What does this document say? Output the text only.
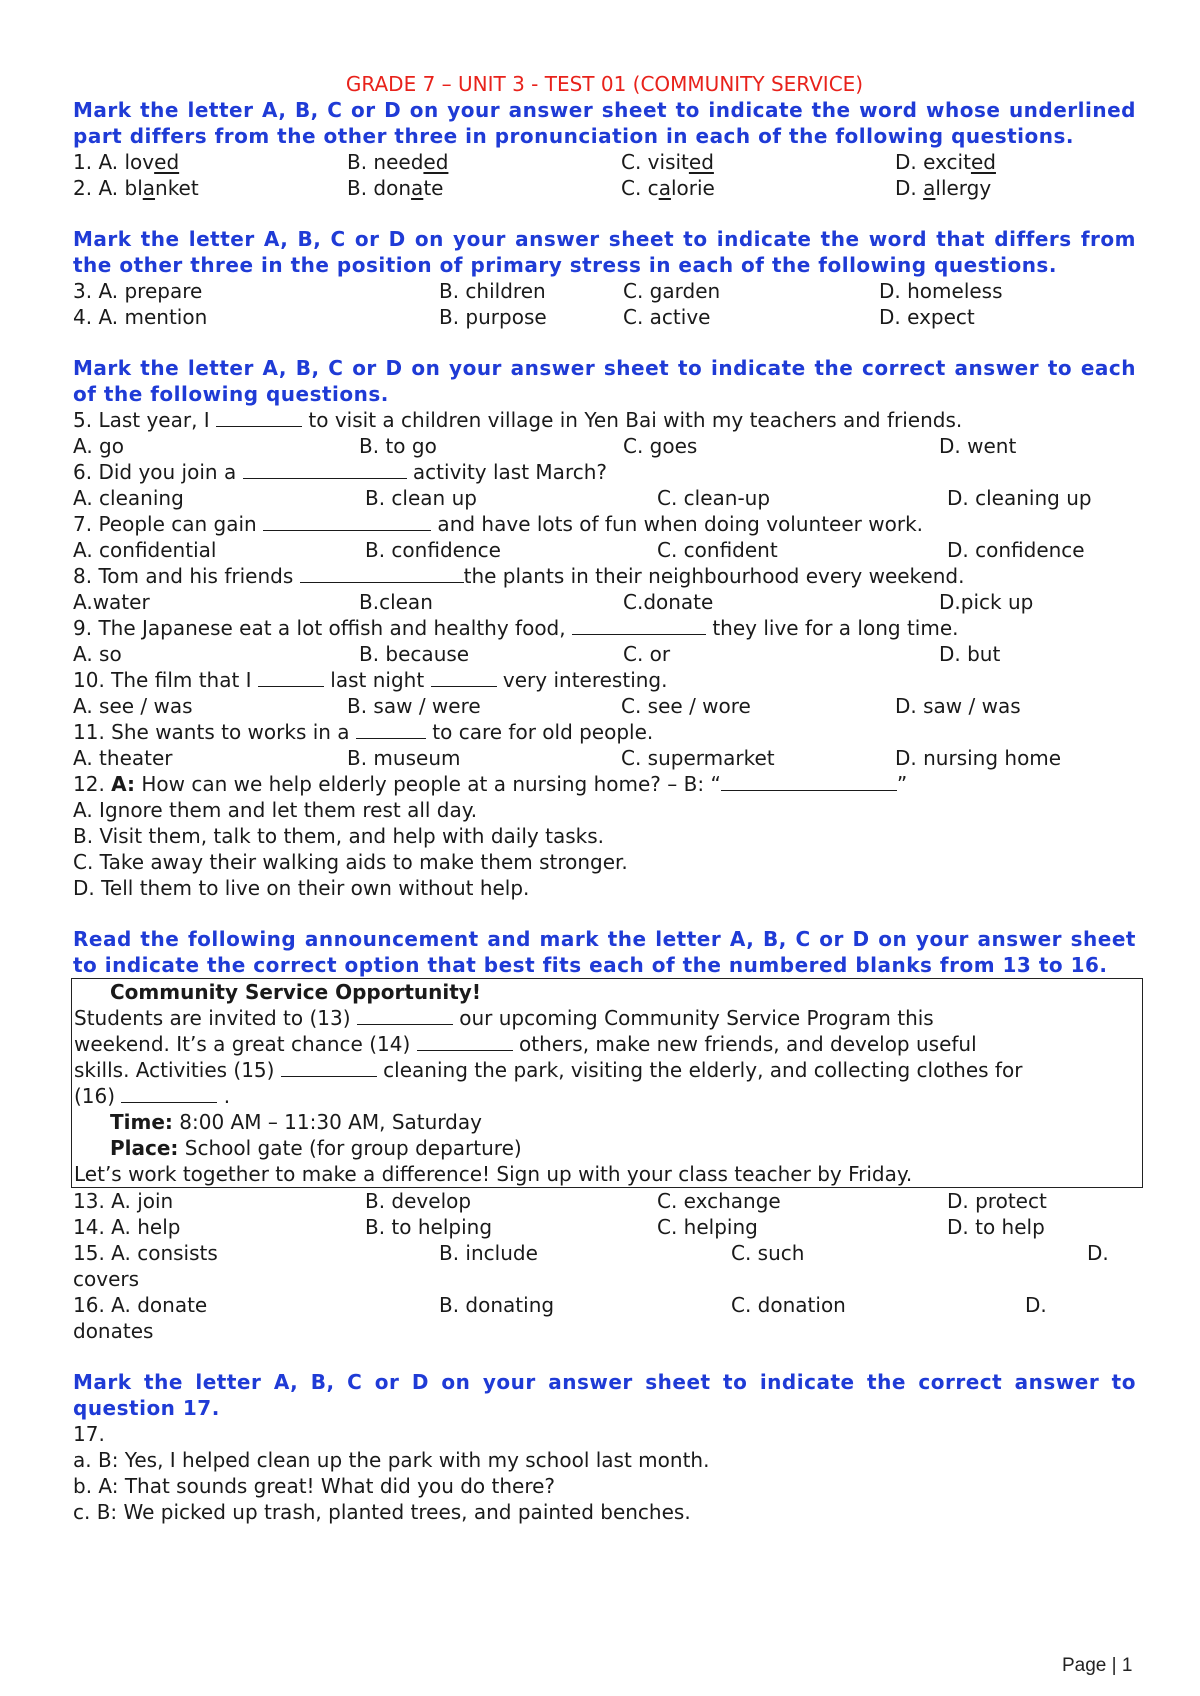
GRADE 7 – UNIT 3 - TEST 01 (COMMUNITY SERVICE)
Mark the letter A, B, C or D on your answer sheet to indicate the word whose underlined part differs from the other three in pronunciation in each of the following questions.
1. A. loved	B. needed	C. visited	D. excited
2. A. blanket	B. donate	C. calorie	D. allergy
Mark the letter A, B, C or D on your answer sheet to indicate the word that differs from the other three in the position of primary stress in each of the following questions.
3. A. prepare	B. children	C. garden	D. homeless
4. A. mention	B. purpose	C. active	D. expect
Mark the letter A, B, C or D on your answer sheet to indicate the correct answer to each of the following questions.
5. Last year, I	to visit a children village in Yen Bai with my teachers and friends.
A. go	B. to go	C. goes	D. went
6. Did you join a	activity last March?
A. cleaning	B. clean up	C. clean-up	D. cleaning up
7. People can gain	and have lots of fun when doing volunteer work.
A. confidential	B. confidence	C. confident	D. confidence
8. Tom and his friends	the plants in their neighbourhood every weekend.
A.water	B.clean	C.donate	D.pick up
9. The Japanese eat a lot offish and healthy food,	they live for a long time.
A. so	B. because	C. or	D. but
10. The film that I	last night	very interesting.
A. see / was	B. saw / were	C. see / wore	D. saw / was
11. She wants to works in a	to care for old people.
A. theater	B. museum	C. supermarket	D. nursing home
12. A: How can we help elderly people at a nursing home? – B: “	”
A. Ignore them and let them rest all day.
B. Visit them, talk to them, and help with daily tasks.
C. Take away their walking aids to make them stronger.
D. Tell them to live on their own without help.
Read the following announcement and mark the letter A, B, C or D on your answer sheet to indicate the correct option that best fits each of the numbered blanks from 13 to 16.
Community Service Opportunity!
Students are invited to (13)	our upcoming Community Service Program this
weekend. It’s a great chance (14)	others, make new friends, and develop useful
skills. Activities (15)	cleaning the park, visiting the elderly, and collecting clothes for
(16)	.
Time: 8:00 AM – 11:30 AM, Saturday
Place: School gate (for group departure)
Let’s work together to make a difference! Sign up with your class teacher by Friday.
13. A. join	B. develop	C. exchange	D. protect
14. A. help	B. to helping	C. helping	D. to help
15. A. consists	B. include	C. such	D.
covers
16. A. donate	B. donating	C. donation	D.
donates
Mark the letter A, B, C or D on your answer sheet to indicate the correct answer to question 17.
17.
a. B: Yes, I helped clean up the park with my school last month.
b. A: That sounds great! What did you do there?
c. B: We picked up trash, planted trees, and painted benches.
Page | 1
